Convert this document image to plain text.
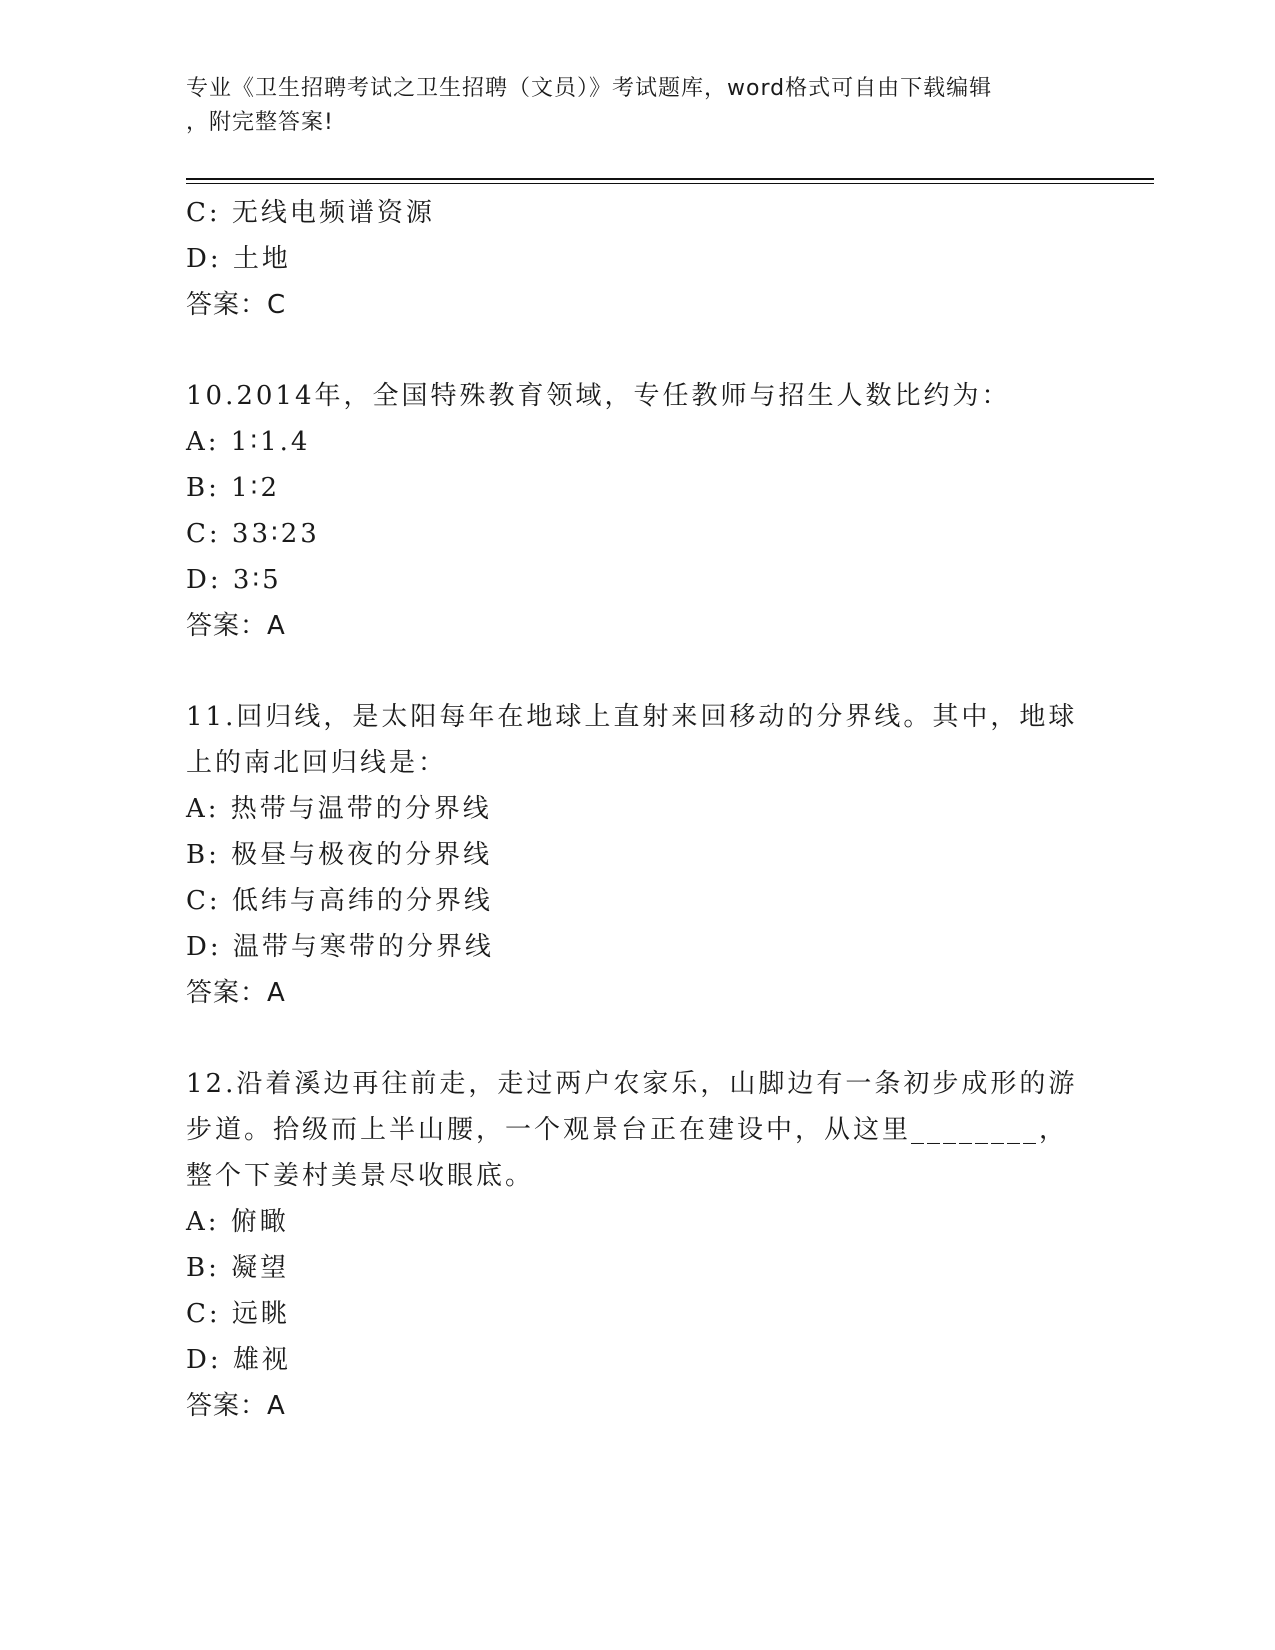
专业《卫生招聘考试之卫生招聘（文员）》考试题库，word格式可自由下载编辑
，附完整答案!
C: 无线电频谱资源
D: 土地
答案：C
10.2014年，全国特殊教育领域，专任教师与招生人数比约为：
A: 1∶1.4
B: 1∶2
C: 33∶23
D: 3∶5
答案：A
11.回归线，是太阳每年在地球上直射来回移动的分界线。其中，地球
上的南北回归线是：
A: 热带与温带的分界线
B: 极昼与极夜的分界线
C: 低纬与高纬的分界线
D: 温带与寒带的分界线
答案：A
12.沿着溪边再往前走，走过两户农家乐，山脚边有一条初步成形的游
步道。拾级而上半山腰，一个观景台正在建设中，从这里________，
整个下姜村美景尽收眼底。
A: 俯瞰
B: 凝望
C: 远眺
D: 雄视
答案：A
